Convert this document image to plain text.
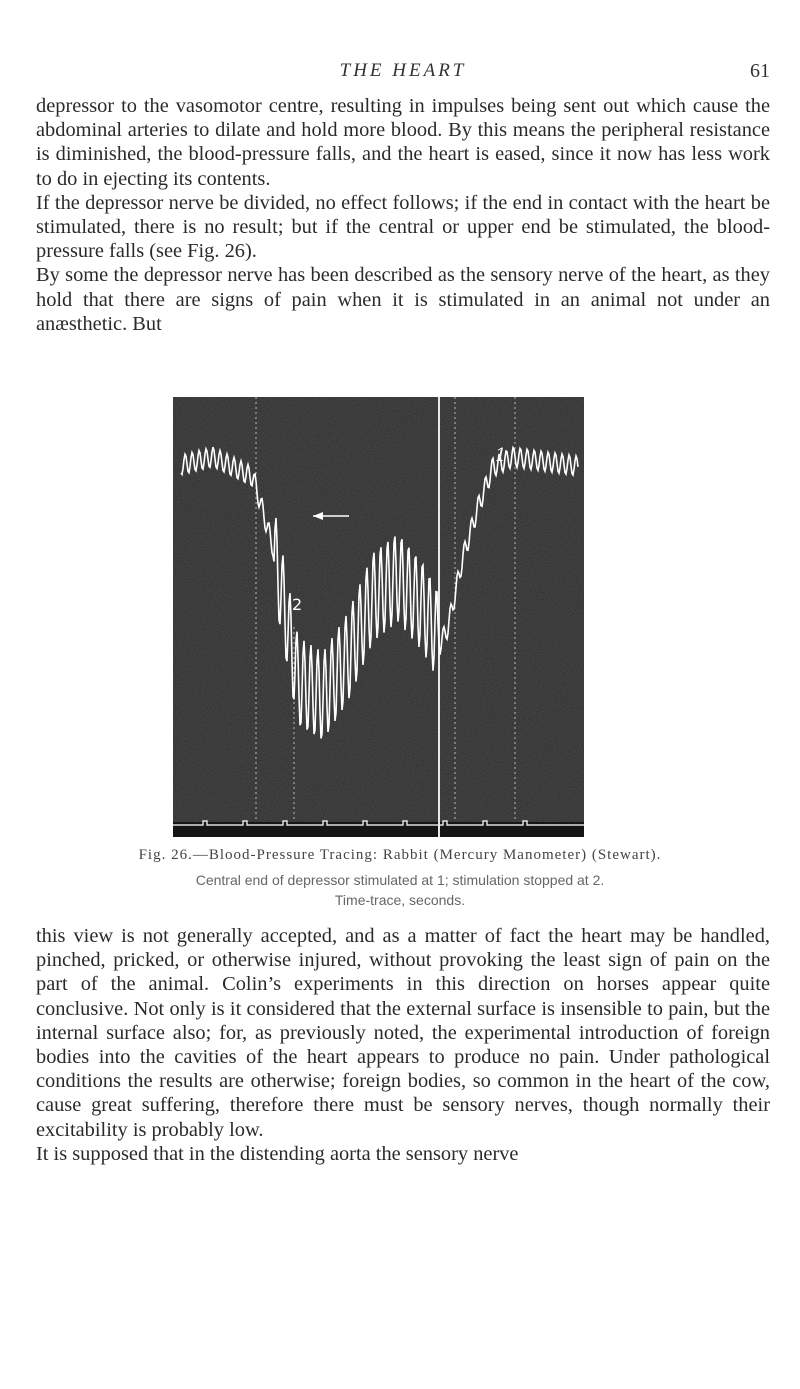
THE HEART	61

depressor to the vasomotor centre, resulting in impulses being sent out which cause the abdominal arteries to dilate and hold more blood. By this means the peripheral resistance is diminished, the blood-pressure falls, and the heart is eased, since it now has less work to do in ejecting its contents.

If the depressor nerve be divided, no effect follows; if the end in contact with the heart be stimulated, there is no result; but if the central or upper end be stimulated, the blood-pressure falls (see Fig. 26).

By some the depressor nerve has been described as the sensory nerve of the heart, as they hold that there are signs of pain when it is stimulated in an animal not under an anæsthetic. But

2
1
Fig. 26.—Blood-Pressure Tracing: Rabbit (Mercury Manometer) (Stewart).
Central end of depressor stimulated at 1; stimulation stopped at 2.
Time-trace, seconds.

this view is not generally accepted, and as a matter of fact the heart may be handled, pinched, pricked, or otherwise injured, without provoking the least sign of pain on the part of the animal. Colin’s experiments in this direction on horses appear quite conclusive. Not only is it considered that the external surface is insensible to pain, but the internal surface also; for, as previously noted, the experimental introduction of foreign bodies into the cavities of the heart appears to produce no pain. Under pathological conditions the results are otherwise; foreign bodies, so common in the heart of the cow, cause great suffering, therefore there must be sensory nerves, though normally their excitability is probably low.

It is supposed that in the distending aorta the sensory nerve
